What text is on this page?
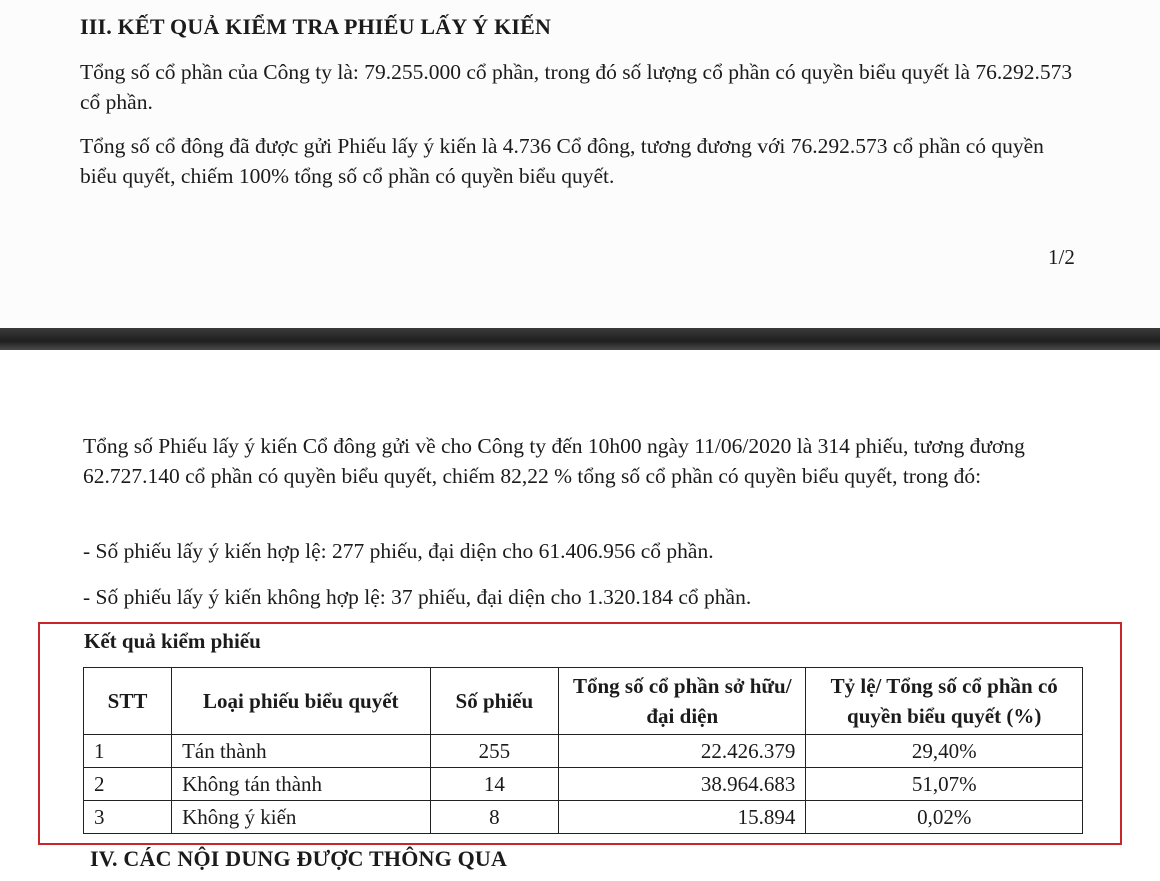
III. KẾT QUẢ KIỂM TRA PHIẾU LẤY Ý KIẾN

Tổng số cổ phần của Công ty là: 79.255.000 cổ phần, trong đó số lượng cổ phần có quyền biểu quyết là 76.292.573 cổ phần.

Tổng số cổ đông đã được gửi Phiếu lấy ý kiến là 4.736 Cổ đông, tương đương với 76.292.573 cổ phần có quyền biểu quyết, chiếm 100% tổng số cổ phần có quyền biểu quyết.

1/2

Tổng số Phiếu lấy ý kiến Cổ đông gửi về cho Công ty đến 10h00 ngày 11/06/2020 là 314 phiếu, tương đương 62.727.140 cổ phần có quyền biểu quyết, chiếm 82,22 % tổng số cổ phần có quyền biểu quyết, trong đó:

- Số phiếu lấy ý kiến hợp lệ: 277 phiếu, đại diện cho 61.406.956 cổ phần.
- Số phiếu lấy ý kiến không hợp lệ: 37 phiếu, đại diện cho 1.320.184 cổ phần.
Kết quả kiểm phiếu
STT	Loại phiếu biểu quyết	Số phiếu	Tổng số cổ phần sở hữu/ đại diện	Tỷ lệ/ Tổng số cổ phần có quyền biểu quyết (%)
1	Tán thành	255	22.426.379	29,40%
2	Không tán thành	14	38.964.683	51,07%
3	Không ý kiến	8	15.894	0,02%
IV. CÁC NỘI DUNG ĐƯỢC THÔNG QUA
